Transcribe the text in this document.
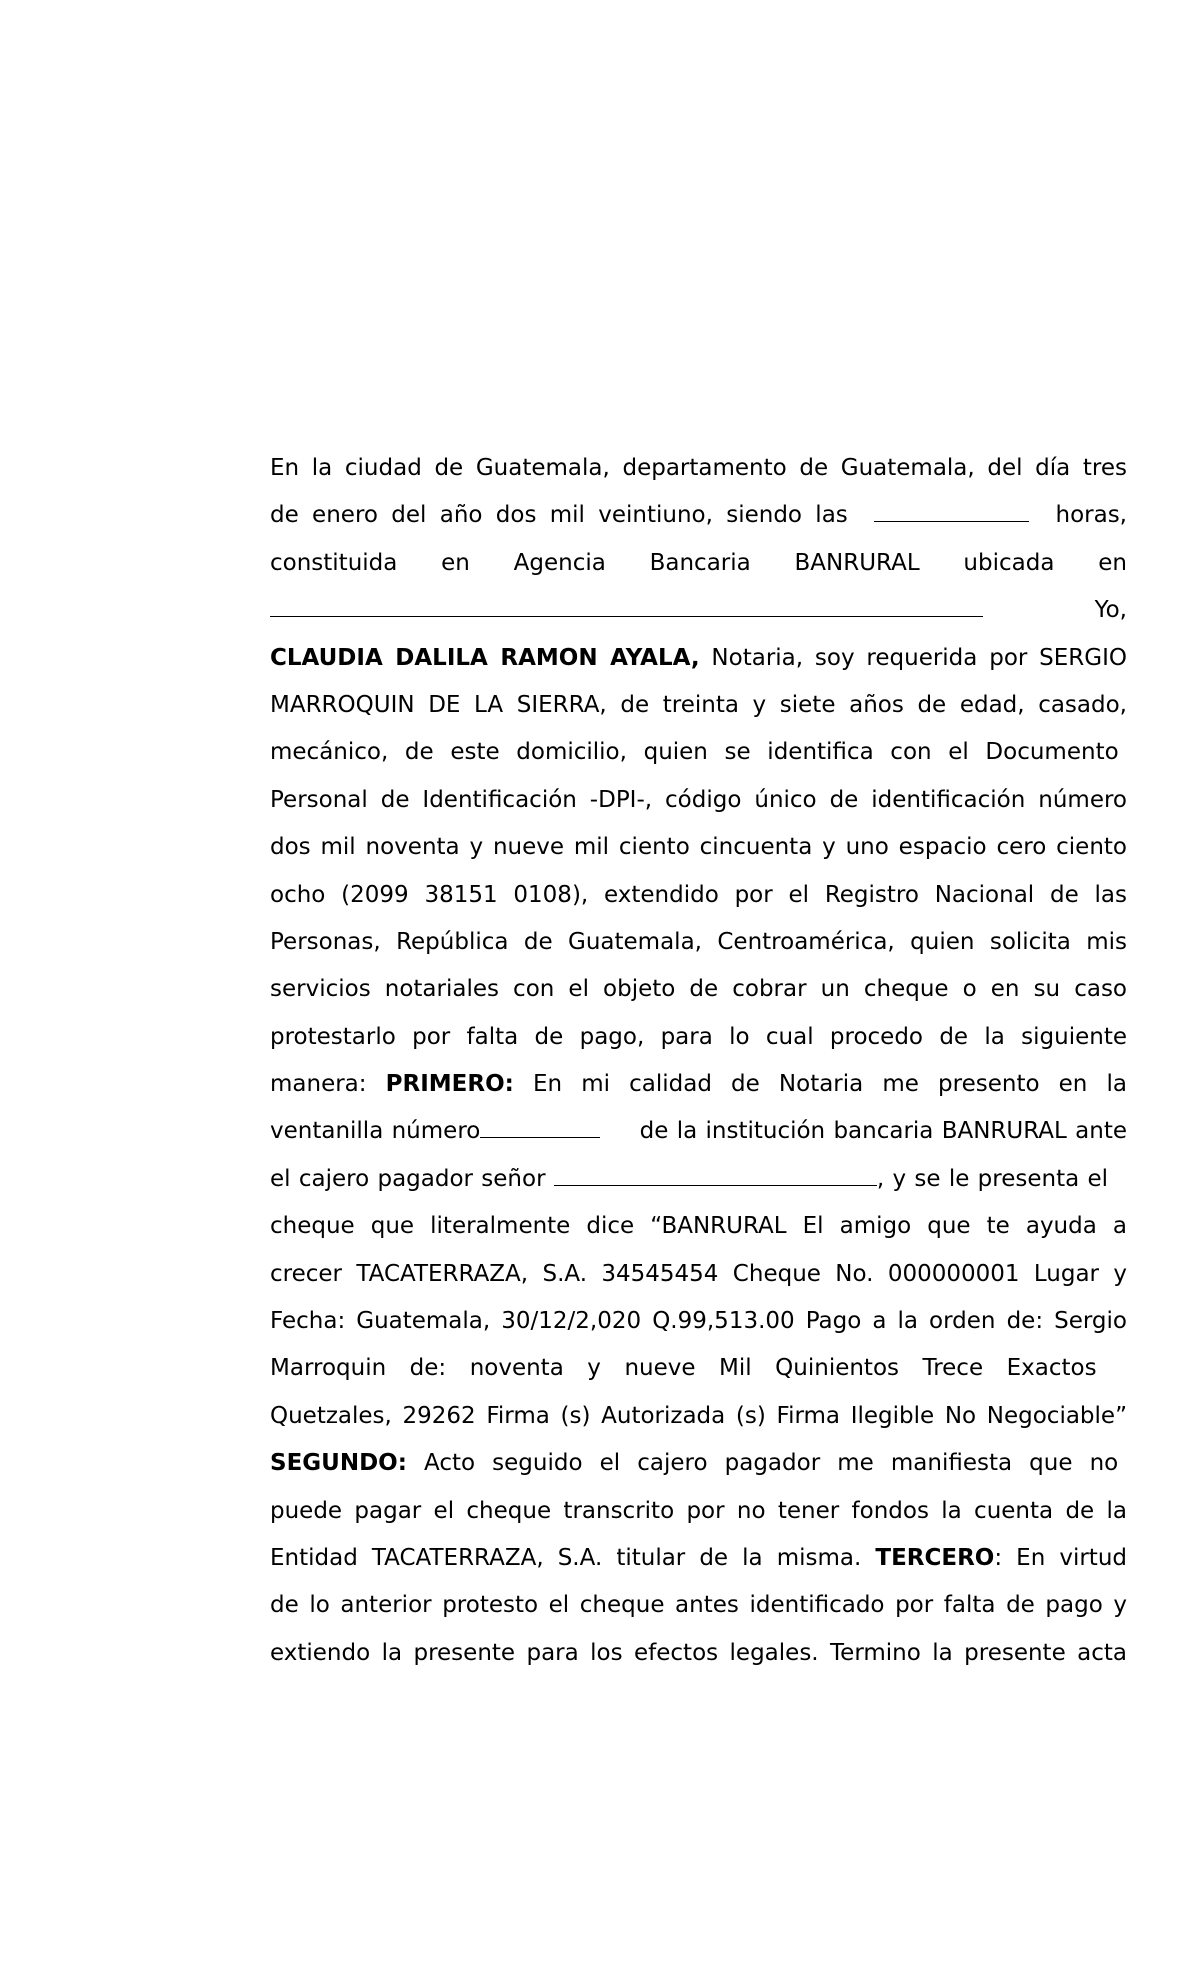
En la ciudad de Guatemala, departamento de Guatemala, del día tres
de enero del año dos mil veintiuno, siendo las	horas,
constituida en Agencia Bancaria BANRURAL ubicada en
Yo,
CLAUDIA DALILA RAMON AYALA, Notaria, soy requerida por SERGIO
MARROQUIN DE LA SIERRA, de treinta y siete años de edad, casado,
mecánico, de este domicilio, quien se identifica con el Documento
Personal de Identificación -DPI-, código único de identificación número
dos mil noventa y nueve mil ciento cincuenta y uno espacio cero ciento
ocho (2099 38151 0108), extendido por el Registro Nacional de las
Personas, República de Guatemala, Centroamérica, quien solicita mis
servicios notariales con el objeto de cobrar un cheque o en su caso
protestarlo por falta de pago, para lo cual procedo de la siguiente
manera: PRIMERO: En mi calidad de Notaria me presento en la
ventanilla número	de la institución bancaria BANRURAL ante
el cajero pagador señor	, y se le presenta el
cheque que literalmente dice “BANRURAL El amigo que te ayuda a
crecer TACATERRAZA, S.A. 34545454 Cheque No. 000000001 Lugar y
Fecha: Guatemala, 30/12/2,020 Q.99,513.00 Pago a la orden de: Sergio
Marroquin de: noventa y nueve Mil Quinientos Trece Exactos
Quetzales, 29262 Firma (s) Autorizada (s) Firma Ilegible No Negociable”
SEGUNDO: Acto seguido el cajero pagador me manifiesta que no
puede pagar el cheque transcrito por no tener fondos la cuenta de la
Entidad TACATERRAZA, S.A. titular de la misma. TERCERO: En virtud
de lo anterior protesto el cheque antes identificado por falta de pago y
extiendo la presente para los efectos legales. Termino la presente acta
